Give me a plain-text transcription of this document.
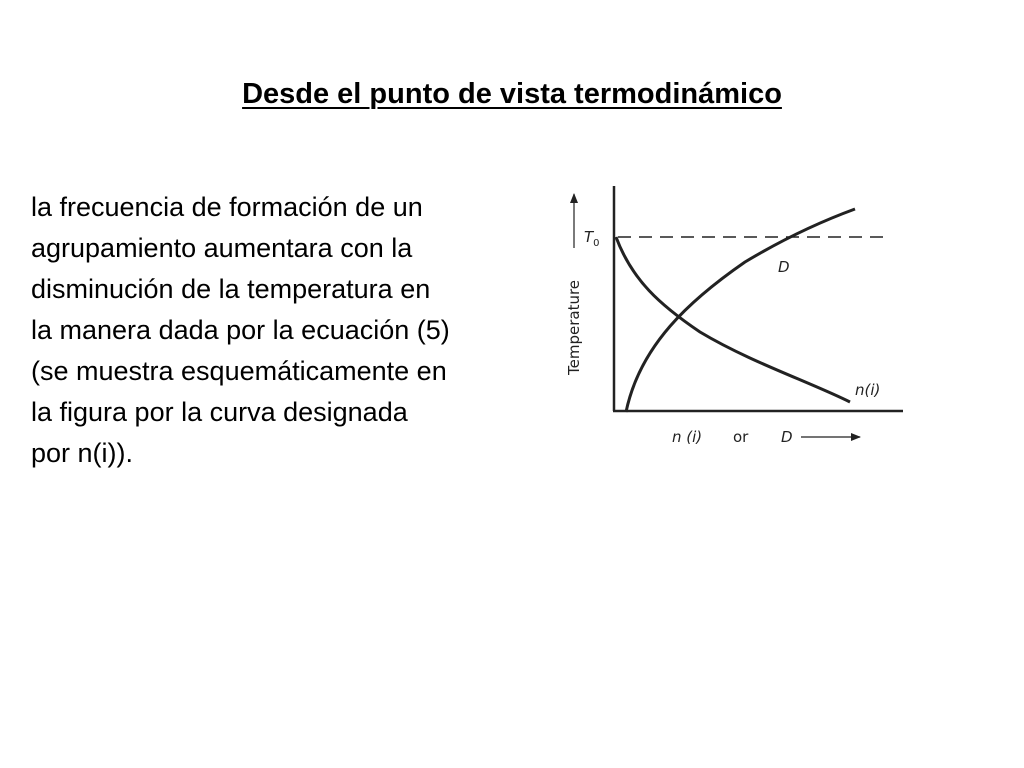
Desde el punto de vista termodinámico
la frecuencia de formación de un
agrupamiento aumentara con la
disminución de la temperatura en
la manera dada por la ecuación (5)
(se muestra esquemáticamente en
la figura por la curva designada
por n(i)).
Temperature
$T_0$
D
n(i)
n (i) or D
